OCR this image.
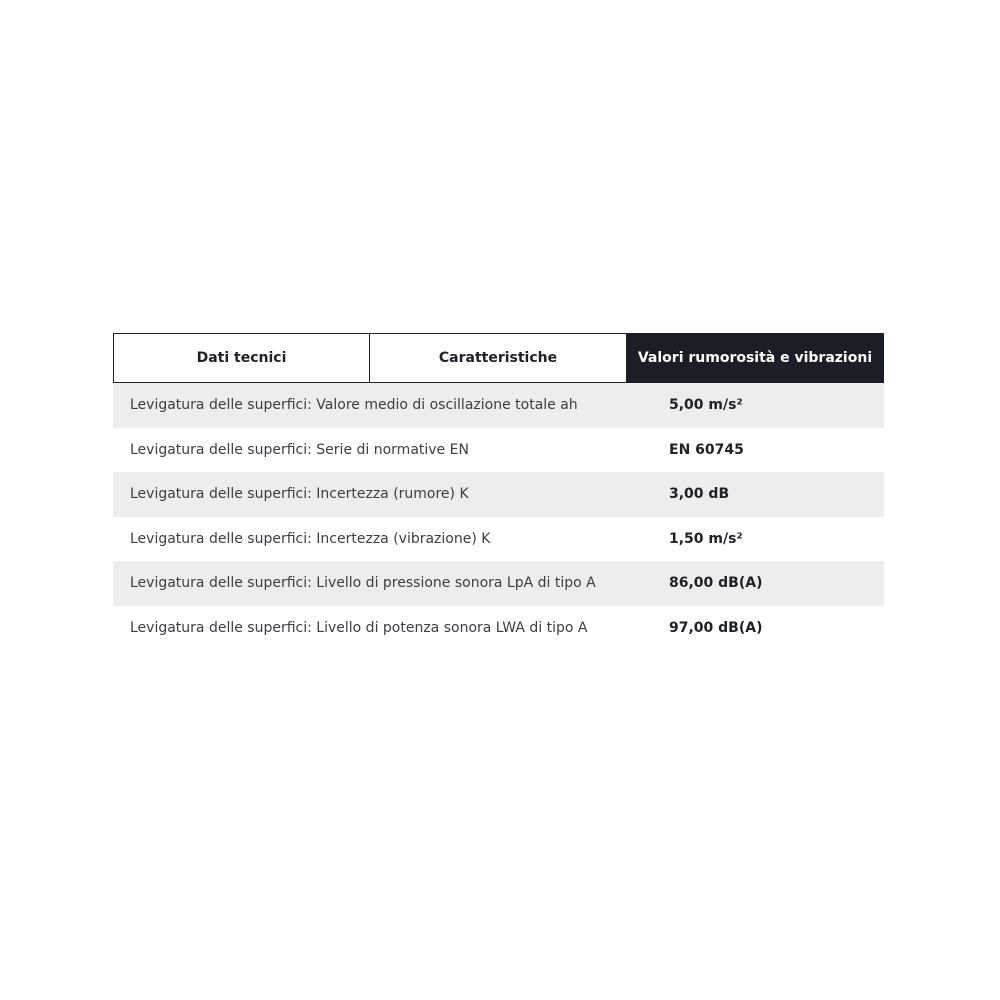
Dati tecnici	Caratteristiche	Valori rumorosità e vibrazioni
Levigatura delle superfici: Valore medio di oscillazione totale ah	5,00 m/s²
Levigatura delle superfici: Serie di normative EN	EN 60745
Levigatura delle superfici: Incertezza (rumore) K	3,00 dB
Levigatura delle superfici: Incertezza (vibrazione) K	1,50 m/s²
Levigatura delle superfici: Livello di pressione sonora LpA di tipo A	86,00 dB(A)
Levigatura delle superfici: Livello di potenza sonora LWA di tipo A	97,00 dB(A)
